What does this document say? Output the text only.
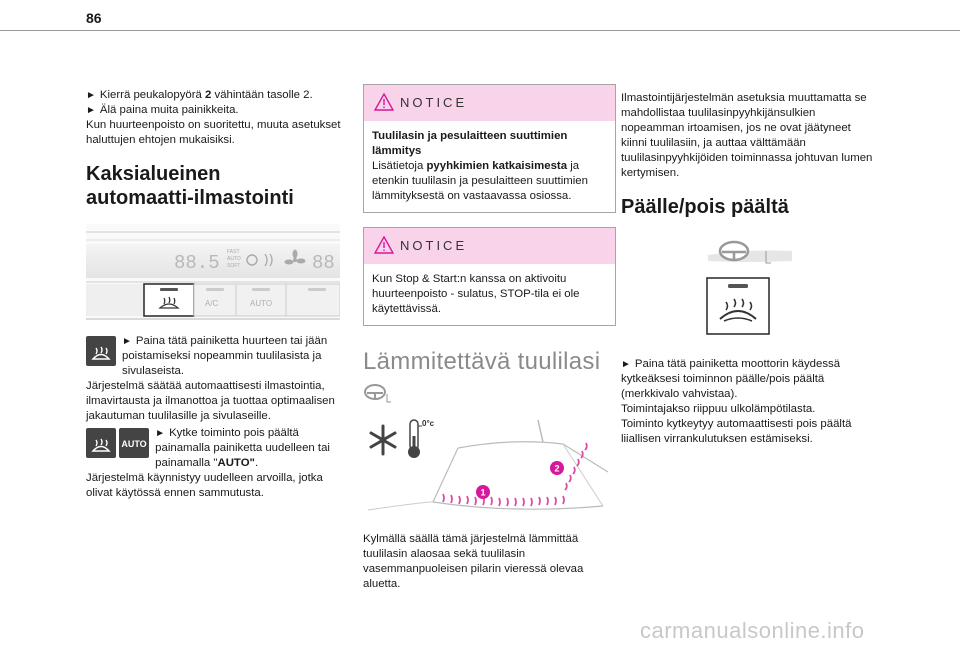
86

► Kierrä peukalopyörä 2 vähintään tasolle 2.

► Älä paina muita painikkeita.

Kun huurteenpoisto on suoritettu, muuta asetukset haluttujen ehtojen mukaisiksi.

Kaksialueinen
automaatti-ilmastointi
88.5 FAST
AUTO
SOFT	88
A/C	AUTO

► Paina tätä painiketta huurteen tai jään poistamiseksi nopeammin tuulilasista ja sivulaseista.

Järjestelmä säätää automaattisesti ilmastointia, ilmavirtausta ja ilmanottoa ja tuottaa optimaalisen jakautuman tuulilasille ja sivulaseille.

AUTO

► Kytke toiminto pois päältä painamalla painiketta uudelleen tai painamalla "AUTO".

Järjestelmä käynnistyy uudelleen arvoilla, jotka olivat käytössä ennen sammutusta.

NOTICE

Tuulilasin ja pesulaitteen suuttimien lämmitys

Lisätietoja pyyhkimien katkaisimesta ja etenkin tuulilasin ja pesulaitteen suuttimien lämmityksestä on vastaavassa osiossa.

NOTICE

Kun Stop & Start:n kanssa on aktivoitu huurteenpoisto - sulatus, STOP-tila ei ole käytettävissä.

Lämmitettävä tuulilasi
0°c
1
2

Kylmällä säällä tämä järjestelmä lämmittää tuulilasin alaosaa sekä tuulilasin vasemmanpuoleisen pilarin vieressä olevaa aluetta.

Ilmastointijärjestelmän asetuksia muuttamatta se mahdollistaa tuulilasinpyyhkijänsulkien nopeamman irtoamisen, jos ne ovat jäätyneet kiinni tuulilasiin, ja auttaa välttämään tuulilasinpyyhkijöiden toiminnassa johtuvan lumen kertymisen.

Päälle/pois päältä

► Paina tätä painiketta moottorin käydessä kytkeäksesi toiminnon päälle/pois päältä (merkkivalo vahvistaa).

Toimintajakso riippuu ulkolämpötilasta.

Toiminto kytkeytyy automaattisesti pois päältä liiallisen virrankulutuksen estämiseksi.

carmanualsonline.info
